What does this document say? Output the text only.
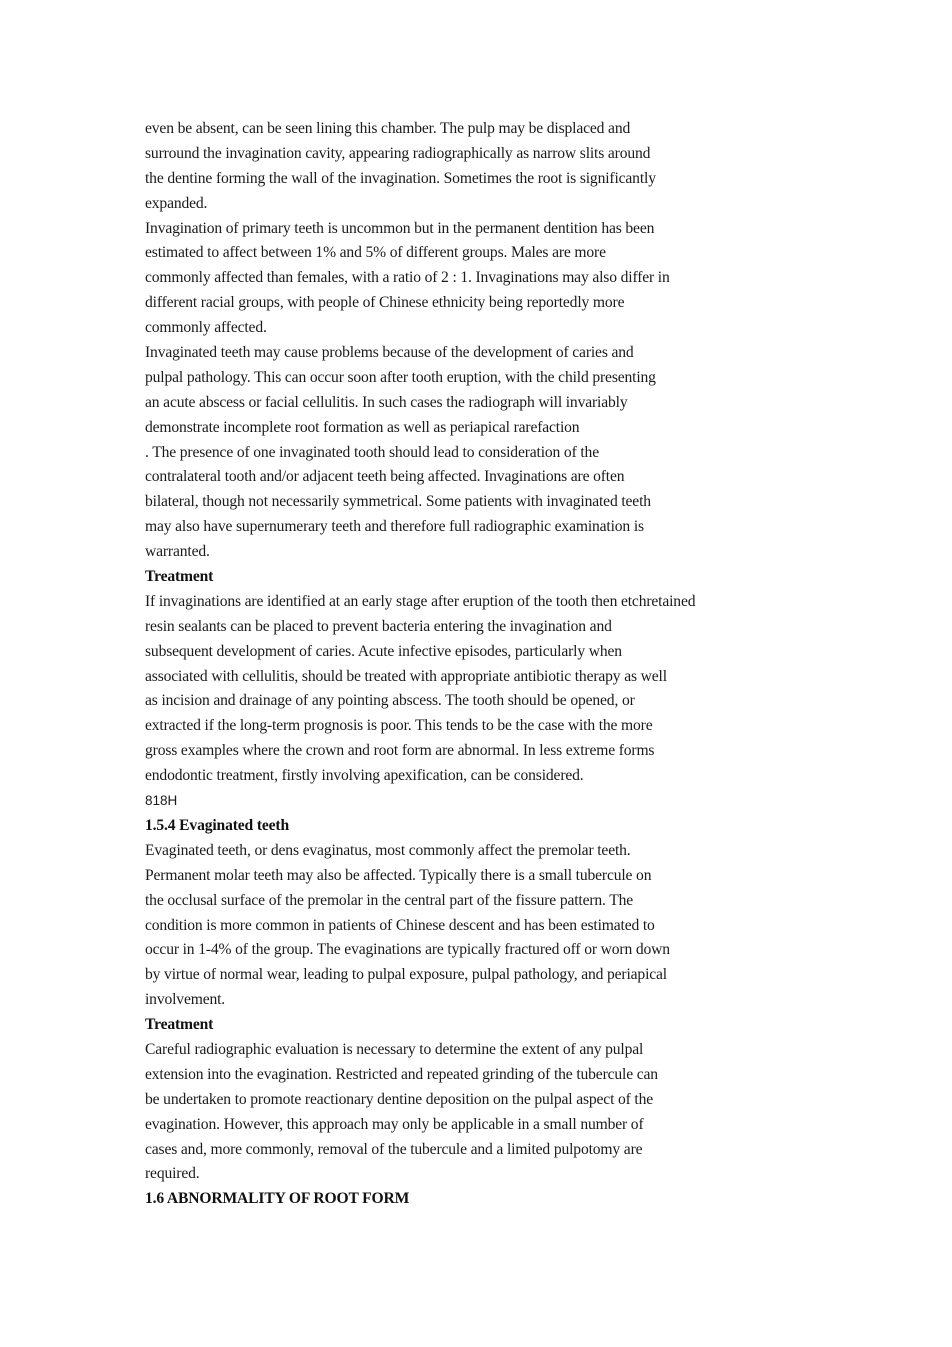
even be absent, can be seen lining this chamber. The pulp may be displaced and
surround the invagination cavity, appearing radiographically as narrow slits around
the dentine forming the wall of the invagination. Sometimes the root is significantly
expanded.
Invagination of primary teeth is uncommon but in the permanent dentition has been
estimated to affect between 1% and 5% of different groups. Males are more
commonly affected than females, with a ratio of 2 : 1. Invaginations may also differ in
different racial groups, with people of Chinese ethnicity being reportedly more
commonly affected.
Invaginated teeth may cause problems because of the development of caries and
pulpal pathology. This can occur soon after tooth eruption, with the child presenting
an acute abscess or facial cellulitis. In such cases the radiograph will invariably
demonstrate incomplete root formation as well as periapical rarefaction
. The presence of one invaginated tooth should lead to consideration of the
contralateral tooth and/or adjacent teeth being affected. Invaginations are often
bilateral, though not necessarily symmetrical. Some patients with invaginated teeth
may also have supernumerary teeth and therefore full radiographic examination is
warranted.
Treatment
If invaginations are identified at an early stage after eruption of the tooth then etchretained
resin sealants can be placed to prevent bacteria entering the invagination and
subsequent development of caries. Acute infective episodes, particularly when
associated with cellulitis, should be treated with appropriate antibiotic therapy as well
as incision and drainage of any pointing abscess. The tooth should be opened, or
extracted if the long-term prognosis is poor. This tends to be the case with the more
gross examples where the crown and root form are abnormal. In less extreme forms
endodontic treatment, firstly involving apexification, can be considered.
818H
1.5.4 Evaginated teeth
Evaginated teeth, or dens evaginatus, most commonly affect the premolar teeth.
Permanent molar teeth may also be affected. Typically there is a small tubercule on
the occlusal surface of the premolar in the central part of the fissure pattern. The
condition is more common in patients of Chinese descent and has been estimated to
occur in 1-4% of the group. The evaginations are typically fractured off or worn down
by virtue of normal wear, leading to pulpal exposure, pulpal pathology, and periapical
involvement.
Treatment
Careful radiographic evaluation is necessary to determine the extent of any pulpal
extension into the evagination. Restricted and repeated grinding of the tubercule can
be undertaken to promote reactionary dentine deposition on the pulpal aspect of the
evagination. However, this approach may only be applicable in a small number of
cases and, more commonly, removal of the tubercule and a limited pulpotomy are
required.
1.6 ABNORMALITY OF ROOT FORM
